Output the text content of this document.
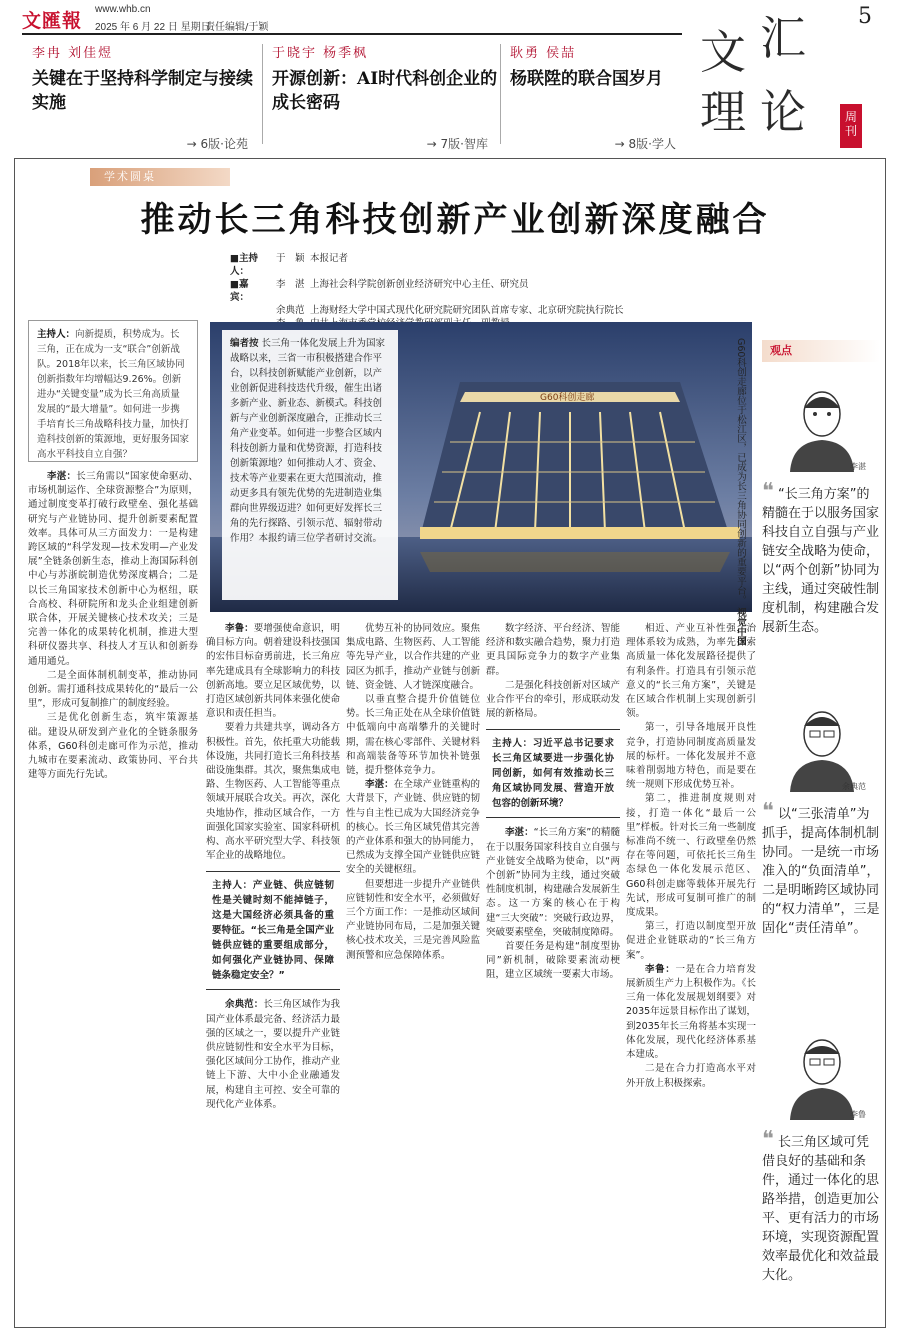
文匯報
www.whb.cn
2025 年 6 月 22 日 星期日
责任编辑/于颖	5
李冉 刘佳煜
关键在于坚持科学制定与接续实施
→ 6版·论苑
于晓宇 杨季枫
开源创新：AI时代科创企业的成长密码
→ 7版·智库
耿勇 侯喆
杨联陞的联合国岁月
→ 8版·学人
文 汇
理 论	周刊
学术圆桌
推动长三角科技创新产业创新深度融合
■主持人：
于　颖 本报记者
■嘉　宾：
李　湛 上海社会科学院创新创业经济研究中心主任、研究员
余典范 上海财经大学中国式现代化研究院研究团队首席专家、北京研究院执行院长
主持人：向新提质，积势成为。长三角，正在成为一支“联合”创新战队。2018年以来，长三角区域协同创新指数年均增幅达9.26%。创新进办“关键变量”成为长三角高质量发展的“最大增量”。如何进一步携手培育长三角战略科技力量，加快打造科技创新的策源地，更好服务国家高水平科技自立自强？
G60科创走廊
编者按 长三角一体化发展上升为国家战略以来，三省一市积极搭建合作平台，以科技创新赋能产业创新，以产业创新促进科技迭代升级，催生出诸多新产业、新业态、新模式。科技创新与产业创新深度融合，正推动长三角产业变革。如何进一步整合区域内科技创新力量和优势资源，打造科技创新策源地？如何推动人才、资金、技术等产业要素在更大范围流动，推动更多具有领先优势的先进制造业集群向世界级迈进？如何更好发挥长三角的先行探路、引领示范、辐射带动作用？本报约请三位学者研讨交流。	G60科创走廊位于松江区，已成为长三角协同创新的重要平台。 视觉中国

李湛：长三角需以“国家使命驱动、市场机制运作、全球资源整合”为原则，通过制度变革打破行政壁垒、强化基础研究与产业链协同、提升创新要素配置效率。具体可从三方面发力：一是构建跨区域的“科学发现—技术发明—产业发展”全链条创新生态，推动上海国际科创中心与苏浙皖制造优势深度耦合；二是以长三角国家技术创新中心为枢纽，联合高校、科研院所和龙头企业组建创新联合体，开展关键核心技术攻关；三是完善一体化的成果转化机制，推进大型科研仪器共享、科技人才互认和创新券通用通兑。

二是全面体制机制变革，推动协同创新。需打通科技成果转化的“最后一公里”，形成可复制推广的制度经验。

三是优化创新生态，筑牢策源基础。建设从研发到产业化的全链条服务体系，G60科创走廊可作为示范，推动九城市在要素流动、政策协同、平台共建等方面先行先试。

李鲁：要增强使命意识，明确目标方向。朝着建设科技强国的宏伟目标奋勇前进，长三角应率先建成具有全球影响力的科技创新高地。要立足区域优势，以打造区域创新共同体来强化使命意识和责任担当。

要着力共建共享，调动各方积极性。首先，依托重大功能载体设施，共同打造长三角科技基础设施集群。其次，聚焦集成电路、生物医药、人工智能等重点领域开展联合攻关。再次，深化央地协作，推动区域合作，一方面强化国家实验室、国家科研机构、高水平研究型大学、科技领军企业的战略地位。

主持人：产业链、供应链韧性是关键时刻不能掉链子，这是大国经济必须具备的重要特征。“长三角是全国产业链供应链的重要组成部分，如何强化产业链协同、保障链条稳定安全？”

余典范：长三角区域作为我国产业体系最完备、经济活力最强的区域之一，要以提升产业链供应链韧性和安全水平为目标，强化区域间分工协作，推动产业链上下游、大中小企业融通发展，构建自主可控、安全可靠的现代化产业体系。

优势互补的协同效应。聚焦集成电路、生物医药、人工智能等先导产业，以合作共建的产业园区为抓手，推动产业链与创新链、资金链、人才链深度融合。

以垂直整合提升价值链位势。长三角正处在从全球价值链中低端向中高端攀升的关键时期，需在核心零部件、关键材料和高端装备等环节加快补链强链，提升整体竞争力。

李湛：在全球产业链重构的大背景下，产业链、供应链的韧性与自主性已成为大国经济竞争的核心。长三角区域凭借其完善的产业体系和强大的协同能力，已然成为支撑全国产业链供应链安全的关键枢纽。

但要想进一步提升产业链供应链韧性和安全水平，必须做好三个方面工作：一是推动区域间产业链协同布局，二是加强关键核心技术攻关，三是完善风险监测预警和应急保障体系。

数字经济、平台经济、智能经济和数实融合趋势，聚力打造更具国际竞争力的数字产业集群。

二是强化科技创新对区域产业合作平台的牵引，形成联动发展的新格局。

主持人：习近平总书记要求长三角区域要进一步强化协同创新，如何有效推动长三角区域协同发展、营造开放包容的创新环境？

李湛：“长三角方案”的精髓在于以服务国家科技自立自强与产业链安全战略为使命，以“两个创新”协同为主线，通过突破性制度机制，构建融合发展新生态。这一方案的核心在于构建“三大突破”：突破行政边界，突破要素壁垒，突破制度障碍。

首要任务是构建“制度型协同”新机制，破除要素流动梗阻，建立区域统一要素大市场。

相近、产业互补性强，治理体系较为成熟，为率先探索高质量一体化发展路径提供了有利条件。打造具有引领示范意义的“长三角方案”，关键是在区域合作机制上实现创新引领。

第一，引导各地展开良性竞争，打造协同制度高质量发展的标杆。一体化发展并不意味着削弱地方特色，而是要在统一规则下形成优势互补。

第二，推进制度规则对接，打造一体化“最后一公里”样板。针对长三角一些制度标准尚不统一、行政壁垒仍然存在等问题，可依托长三角生态绿色一体化发展示范区、G60科创走廊等载体开展先行先试，形成可复制可推广的制度成果。

第三，打造以制度型开放促进企业链联动的“长三角方案”。

李鲁：一是在合力培育发展新质生产力上积极作为。《长三角一体化发展规划纲要》对2035年远景目标作出了谋划，到2035年长三角将基本实现一体化发展，现代化经济体系基本建成。

二是在合力打造高水平对外开放上积极探索。

观点
李湛
❝ “长三角方案”的精髓在于以服务国家科技自立自强与产业链安全战略为使命，以“两个创新”协同为主线，通过突破性制度机制，构建融合发展新生态。
余典范
❝ 以“三张清单”为抓手，提高体制机制协同。一是统一市场准入的“负面清单”，二是明晰跨区域协同的“权力清单”，三是固化“责任清单”。
李鲁
❝ 长三角区域可凭借良好的基础和条件，通过一体化的思路举措，创造更加公平、更有活力的市场环境，实现资源配置效率最优化和效益最大化。
